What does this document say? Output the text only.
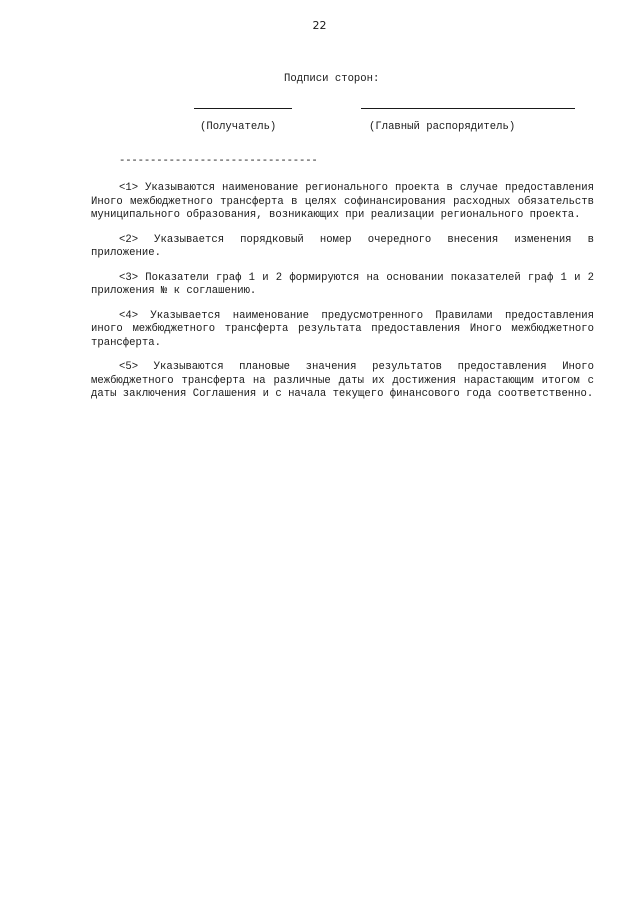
22
Подписи сторон:
(Получатель)	(Главный распорядитель)
--------------------------------

<1> Указываются наименование регионального проекта в случае предоставления Иного межбюджетного трансферта в целях софинансирования расходных обязательств муниципального образования, возникающих при реализации регионального проекта.

<2> Указывается порядковый номер очередного внесения изменения в приложение.

<3> Показатели граф 1 и 2 формируются на основании показателей граф 1 и 2 приложения № к соглашению.

<4> Указывается наименование предусмотренного Правилами предоставления иного межбюджетного трансферта результата предоставления Иного межбюджетного трансферта.

<5> Указываются плановые значения результатов предоставления Иного межбюджетного трансферта на различные даты их достижения нарастающим итогом с даты заключения Соглашения и с начала текущего финансового года соответственно.
